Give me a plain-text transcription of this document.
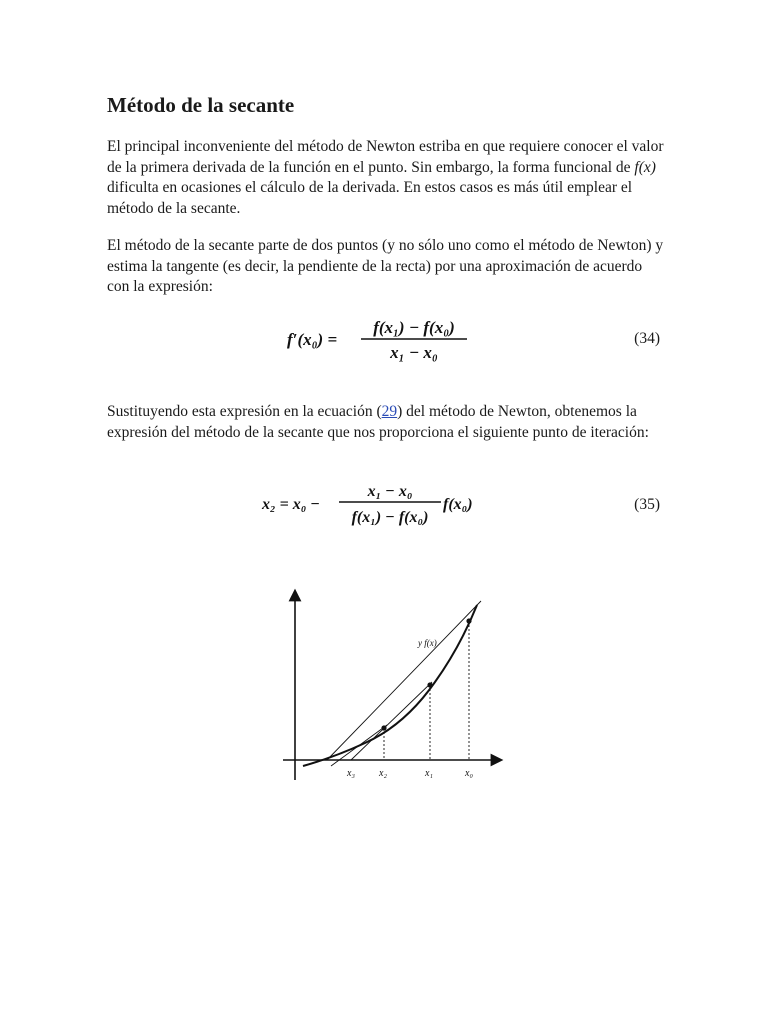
Método de la secante

El principal inconveniente del método de Newton estriba en que requiere conocer el valor de la primera derivada de la función en el punto. Sin embargo, la forma funcional de f(x) dificulta en ocasiones el cálculo de la derivada. En estos casos es más útil emplear el método de la secante.

El método de la secante parte de dos puntos (y no sólo uno como el método de Newton) y estima la tangente (es decir, la pendiente de la recta) por una aproximación de acuerdo con la expresión:

f′(x₀) =
f(x₁) − f(x₀)
x₁ − x₀
(34)

Sustituyendo esta expresión en la ecuación (29) del método de Newton, obtenemos la expresión del método de la secante que nos proporciona el siguiente punto de iteración:

x₂ = x₀ −
x₁ − x₀
f(x₁) − f(x₀)
f(x₀)	(35)
y f(x)
x₃ x₂	x₁	x₀
